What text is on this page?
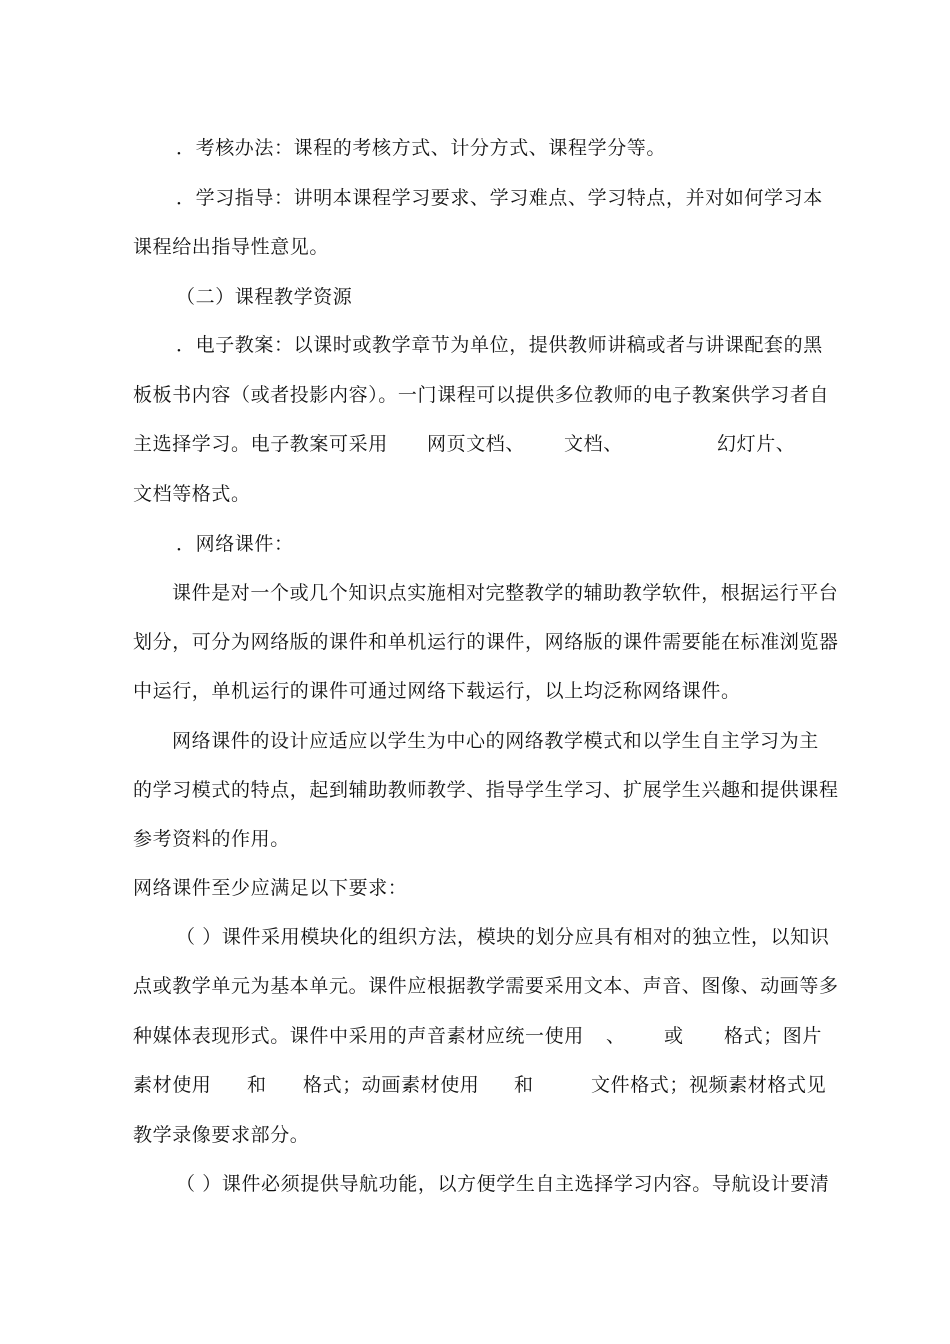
．考核办法：课程的考核方式、计分方式、课程学分等。
．学习指导：讲明本课程学习要求、学习难点、学习特点，并对如何学习本
课程给出指导性意见。
（二）课程教学资源
．电子教案：以课时或教学章节为单位，提供教师讲稿或者与讲课配套的黑
板板书内容（或者投影内容）。一门课程可以提供多位教师的电子教案供学习者自
主选择学习。电子教案可采用 网页文档、 文档、	幻灯片、
文档等格式。
．网络课件：
课件是对一个或几个知识点实施相对完整教学的辅助教学软件，根据运行平台
划分，可分为网络版的课件和单机运行的课件，网络版的课件需要能在标准浏览器
中运行，单机运行的课件可通过网络下载运行，以上均泛称网络课件。
网络课件的设计应适应以学生为中心的网络教学模式和以学生自主学习为主
的学习模式的特点，起到辅助教师教学、指导学生学习、扩展学生兴趣和提供课程
参考资料的作用。
网络课件至少应满足以下要求：
（ ）课件采用模块化的组织方法，模块的划分应具有相对的独立性，以知识
点或教学单元为基本单元。课件应根据教学需要采用文本、声音、图像、动画等多
种媒体表现形式。课件中采用的声音素材应统一使用 、 或 格式；图片
素材使用 和 格式；动画素材使用 和	文件格式；视频素材格式见
教学录像要求部分。
（ ）课件必须提供导航功能，以方便学生自主选择学习内容。导航设计要清
